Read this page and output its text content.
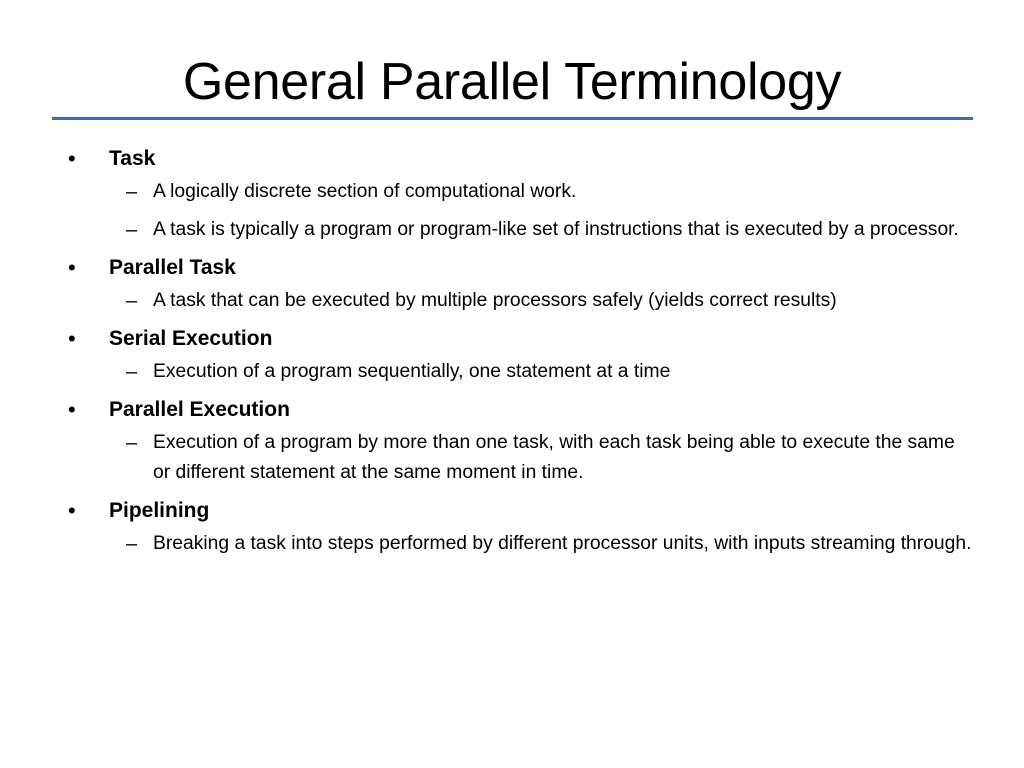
General Parallel Terminology
• Task
– A logically discrete section of computational work.
– A task is typically a program or program-like set of instructions that is executed by a processor.
• Parallel Task
– A task that can be executed by multiple processors safely (yields correct results)
• Serial Execution
– Execution of a program sequentially, one statement at a time
• Parallel Execution
– Execution of a program by more than one task, with each task being able to execute the same or different statement at the same moment in time.
• Pipelining
– Breaking a task into steps performed by different processor units, with inputs streaming through.
